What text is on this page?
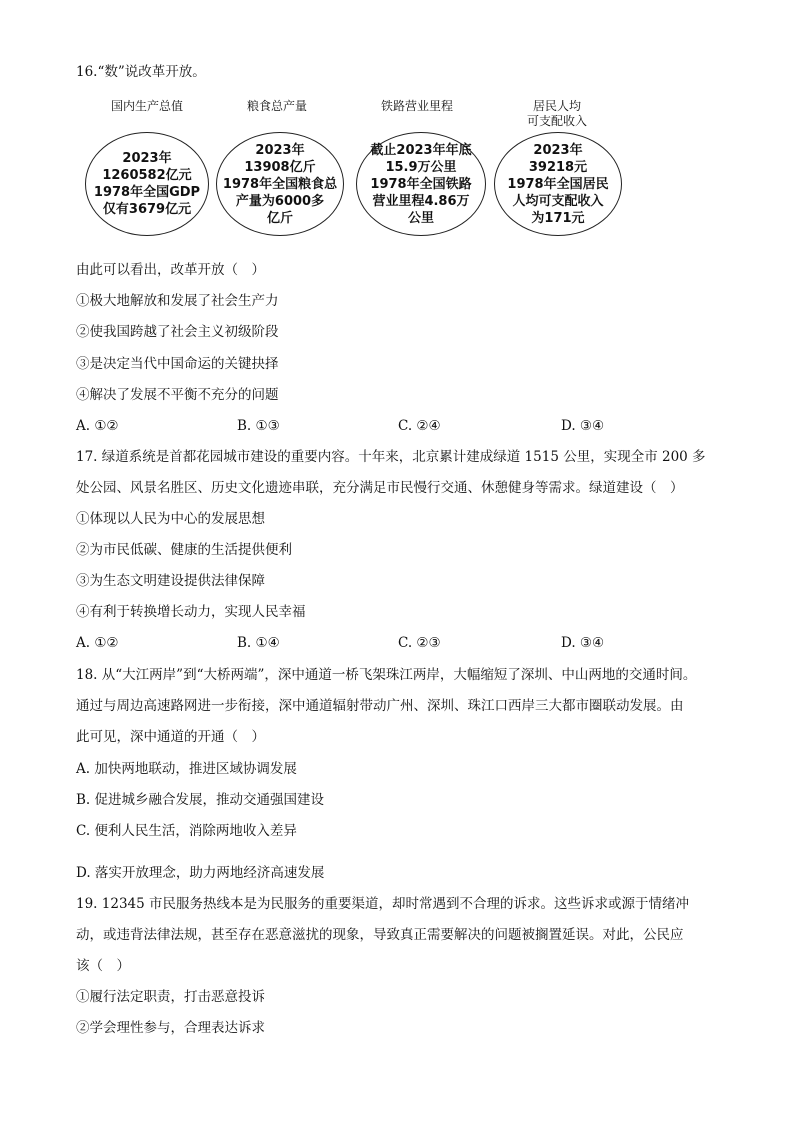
16.“数”说改革开放。
国内生产总值	粮食总产量	铁路营业里程	居民人均
可支配收入
2023年
1260582亿元
1978年全国GDP
仅有3679亿元
2023年
13908亿斤
1978年全国粮食总
产量为6000多
亿斤
截止2023年年底
15.9万公里
1978年全国铁路
营业里程4.86万
公里
2023年
39218元
1978年全国居民
人均可支配收入
为171元
由此可以看出，改革开放（　）
①极大地解放和发展了社会生产力
②使我国跨越了社会主义初级阶段
③是决定当代中国命运的关键抉择
④解决了发展不平衡不充分的问题
A. ①②	B. ①③	C. ②④	D. ③④
17. 绿道系统是首都花园城市建设的重要内容。十年来，北京累计建成绿道 1515 公里，实现全市 200 多
处公园、风景名胜区、历史文化遗迹串联，充分满足市民慢行交通、休憩健身等需求。绿道建设（　）
①体现以人民为中心的发展思想
②为市民低碳、健康的生活提供便利
③为生态文明建设提供法律保障
④有利于转换增长动力，实现人民幸福
A. ①②	B. ①④	C. ②③	D. ③④
18. 从“大江两岸”到“大桥两端”，深中通道一桥飞架珠江两岸，大幅缩短了深圳、中山两地的交通时间。
通过与周边高速路网进一步衔接，深中通道辐射带动广州、深圳、珠江口西岸三大都市圈联动发展。由
此可见，深中通道的开通（　）
A. 加快两地联动，推进区域协调发展
B. 促进城乡融合发展，推动交通强国建设
C. 便利人民生活，消除两地收入差异
D. 落实开放理念，助力两地经济高速发展
19. 12345 市民服务热线本是为民服务的重要渠道，却时常遇到不合理的诉求。这些诉求或源于情绪冲
动，或违背法律法规，甚至存在恶意滋扰的现象，导致真正需要解决的问题被搁置延误。对此，公民应
该（　）
①履行法定职责，打击恶意投诉
②学会理性参与，合理表达诉求
